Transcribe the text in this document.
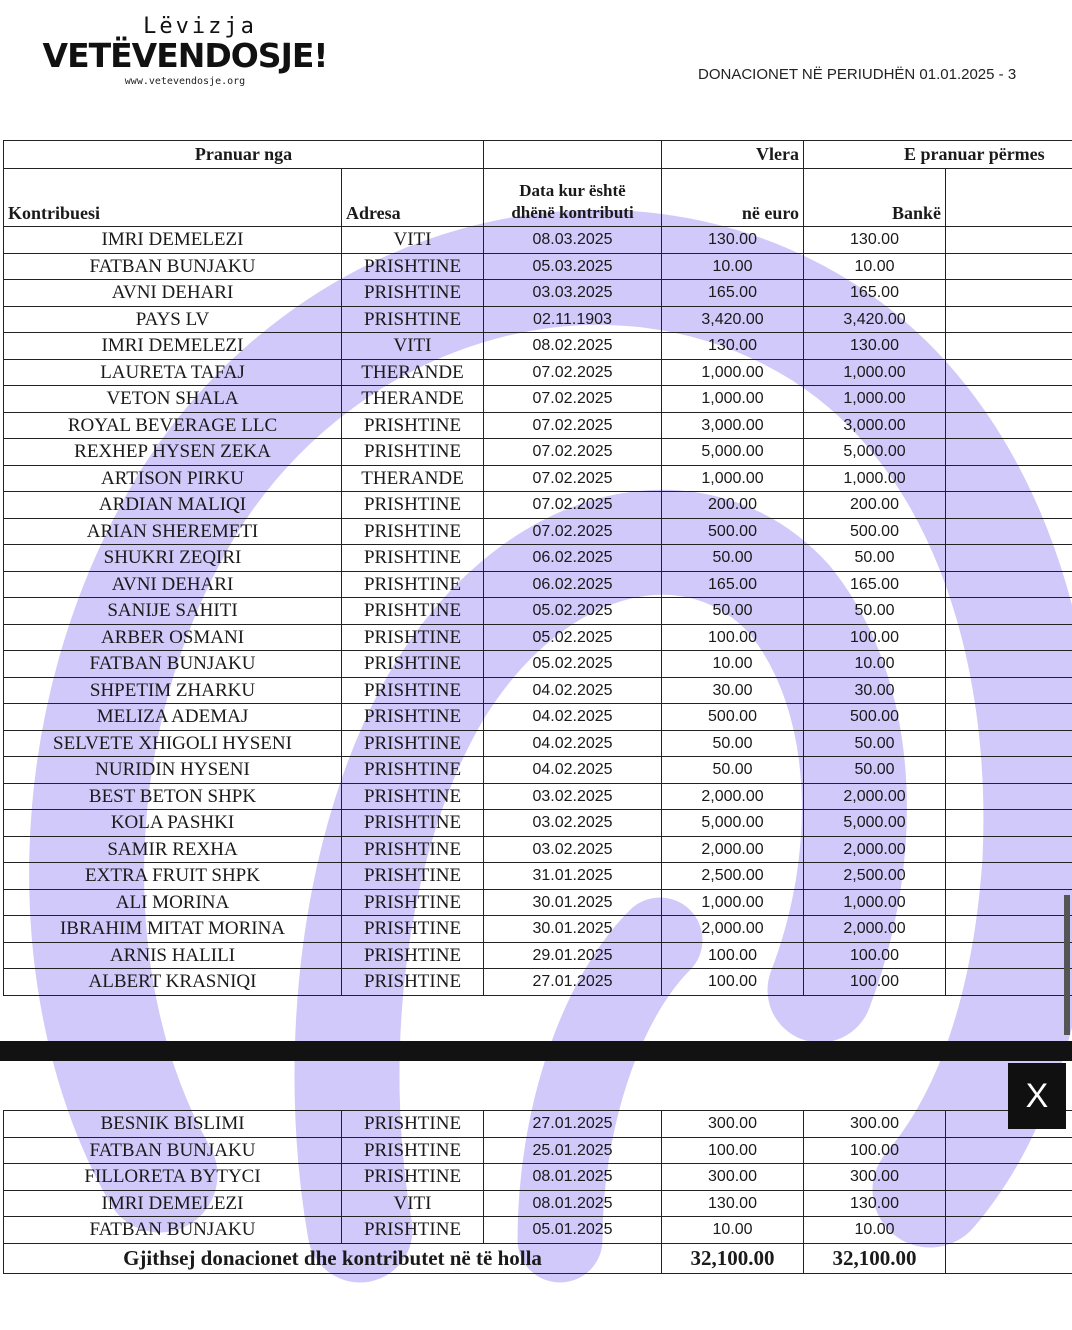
Lëvizja
VETËVENDOSJE!
www.vetevendosje.org	DONACIONET NË PERIUDHËN 01.01.2025 - 3
Pranuar nga			Vlera	E pranuar përmes	
Kontribuesi	Adresa	Data kur është
dhënë kontributi	në euro	Bankë	
IMRI DEMELEZI	VITI	08.03.2025	130.00	130.00	
FATBAN BUNJAKU	PRISHTINE	05.03.2025	10.00	10.00	
AVNI DEHARI	PRISHTINE	03.03.2025	165.00	165.00	
PAYS LV	PRISHTINE	02.11.1903	3,420.00	3,420.00	
IMRI DEMELEZI	VITI	08.02.2025	130.00	130.00	
LAURETA TAFAJ	THERANDE	07.02.2025	1,000.00	1,000.00	
VETON SHALA	THERANDE	07.02.2025	1,000.00	1,000.00	
ROYAL BEVERAGE LLC	PRISHTINE	07.02.2025	3,000.00	3,000.00	
REXHEP HYSEN ZEKA	PRISHTINE	07.02.2025	5,000.00	5,000.00	
ARTISON PIRKU	THERANDE	07.02.2025	1,000.00	1,000.00	
ARDIAN MALIQI	PRISHTINE	07.02.2025	200.00	200.00	
ARIAN SHEREMETI	PRISHTINE	07.02.2025	500.00	500.00	
SHUKRI ZEQIRI	PRISHTINE	06.02.2025	50.00	50.00	
AVNI DEHARI	PRISHTINE	06.02.2025	165.00	165.00	
SANIJE SAHITI	PRISHTINE	05.02.2025	50.00	50.00	
ARBER OSMANI	PRISHTINE	05.02.2025	100.00	100.00	
FATBAN BUNJAKU	PRISHTINE	05.02.2025	10.00	10.00	
SHPETIM ZHARKU	PRISHTINE	04.02.2025	30.00	30.00	
MELIZA ADEMAJ	PRISHTINE	04.02.2025	500.00	500.00	
SELVETE XHIGOLI HYSENI	PRISHTINE	04.02.2025	50.00	50.00	
NURIDIN HYSENI	PRISHTINE	04.02.2025	50.00	50.00	
BEST BETON SHPK	PRISHTINE	03.02.2025	2,000.00	2,000.00	
KOLA PASHKI	PRISHTINE	03.02.2025	5,000.00	5,000.00	
SAMIR REXHA	PRISHTINE	03.02.2025	2,000.00	2,000.00	
EXTRA FRUIT SHPK	PRISHTINE	31.01.2025	2,500.00	2,500.00	
ALI MORINA	PRISHTINE	30.01.2025	1,000.00	1,000.00	
IBRAHIM MITAT MORINA	PRISHTINE	30.01.2025	2,000.00	2,000.00	
ARNIS HALILI	PRISHTINE	29.01.2025	100.00	100.00	
ALBERT KRASNIQI	PRISHTINE	27.01.2025	100.00	100.00	
X
BESNIK BISLIMI	PRISHTINE	27.01.2025	300.00	300.00	
FATBAN BUNJAKU	PRISHTINE	25.01.2025	100.00	100.00	
FILLORETA BYTYCI	PRISHTINE	08.01.2025	300.00	300.00	
IMRI DEMELEZI	VITI	08.01.2025	130.00	130.00	
FATBAN BUNJAKU	PRISHTINE	05.01.2025	10.00	10.00	
Gjithsej donacionet dhe kontributet në të holla			32,100.00	32,100.00	
